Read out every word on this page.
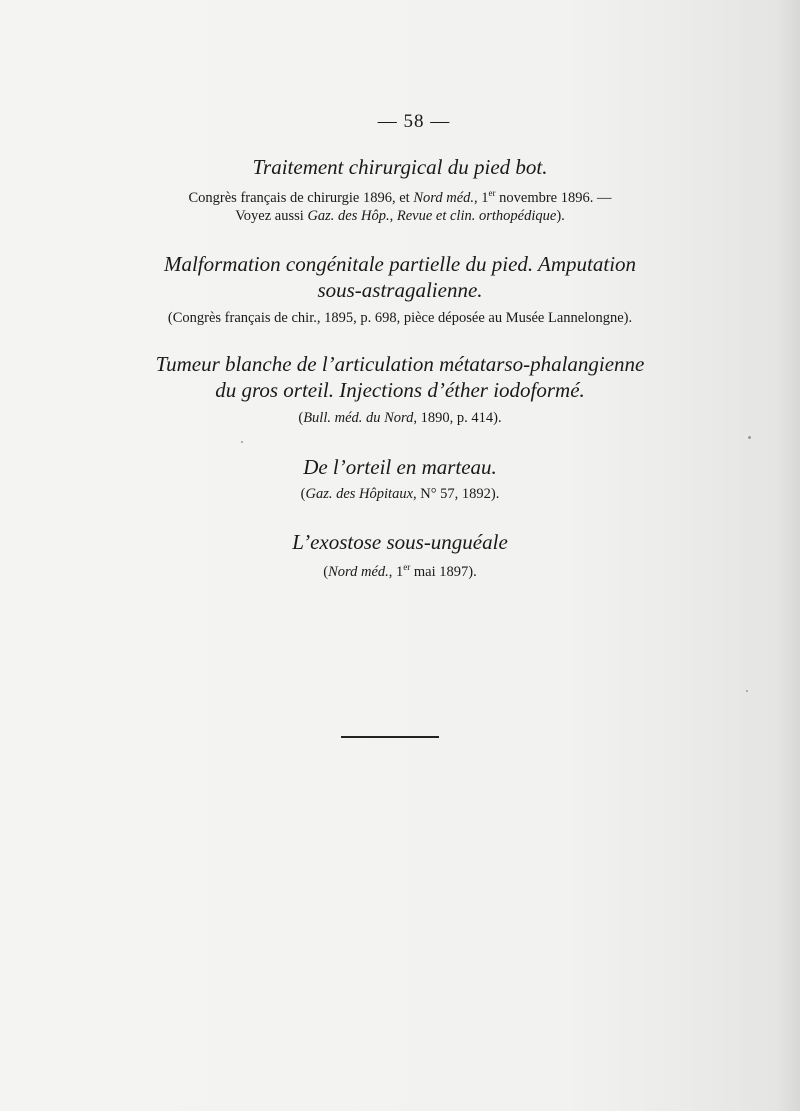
— 58 —
Traitement chirurgical du pied bot.
Congrès français de chirurgie 1896, et Nord méd., 1er novembre 1896. —
Voyez aussi Gaz. des Hôp., Revue et clin. orthopédique).
Malformation congénitale partielle du pied. Amputation
sous-astragalienne.
(Congrès français de chir., 1895, p. 698, pièce déposée au Musée Lannelongne).
Tumeur blanche de l’articulation métatarso-phalangienne
du gros orteil. Injections d’éther iodoformé.
(Bull. méd. du Nord, 1890, p. 414).
De l’orteil en marteau.
(Gaz. des Hôpitaux, N° 57, 1892).
L’exostose sous-unguéale
(Nord méd., 1er mai 1897).
